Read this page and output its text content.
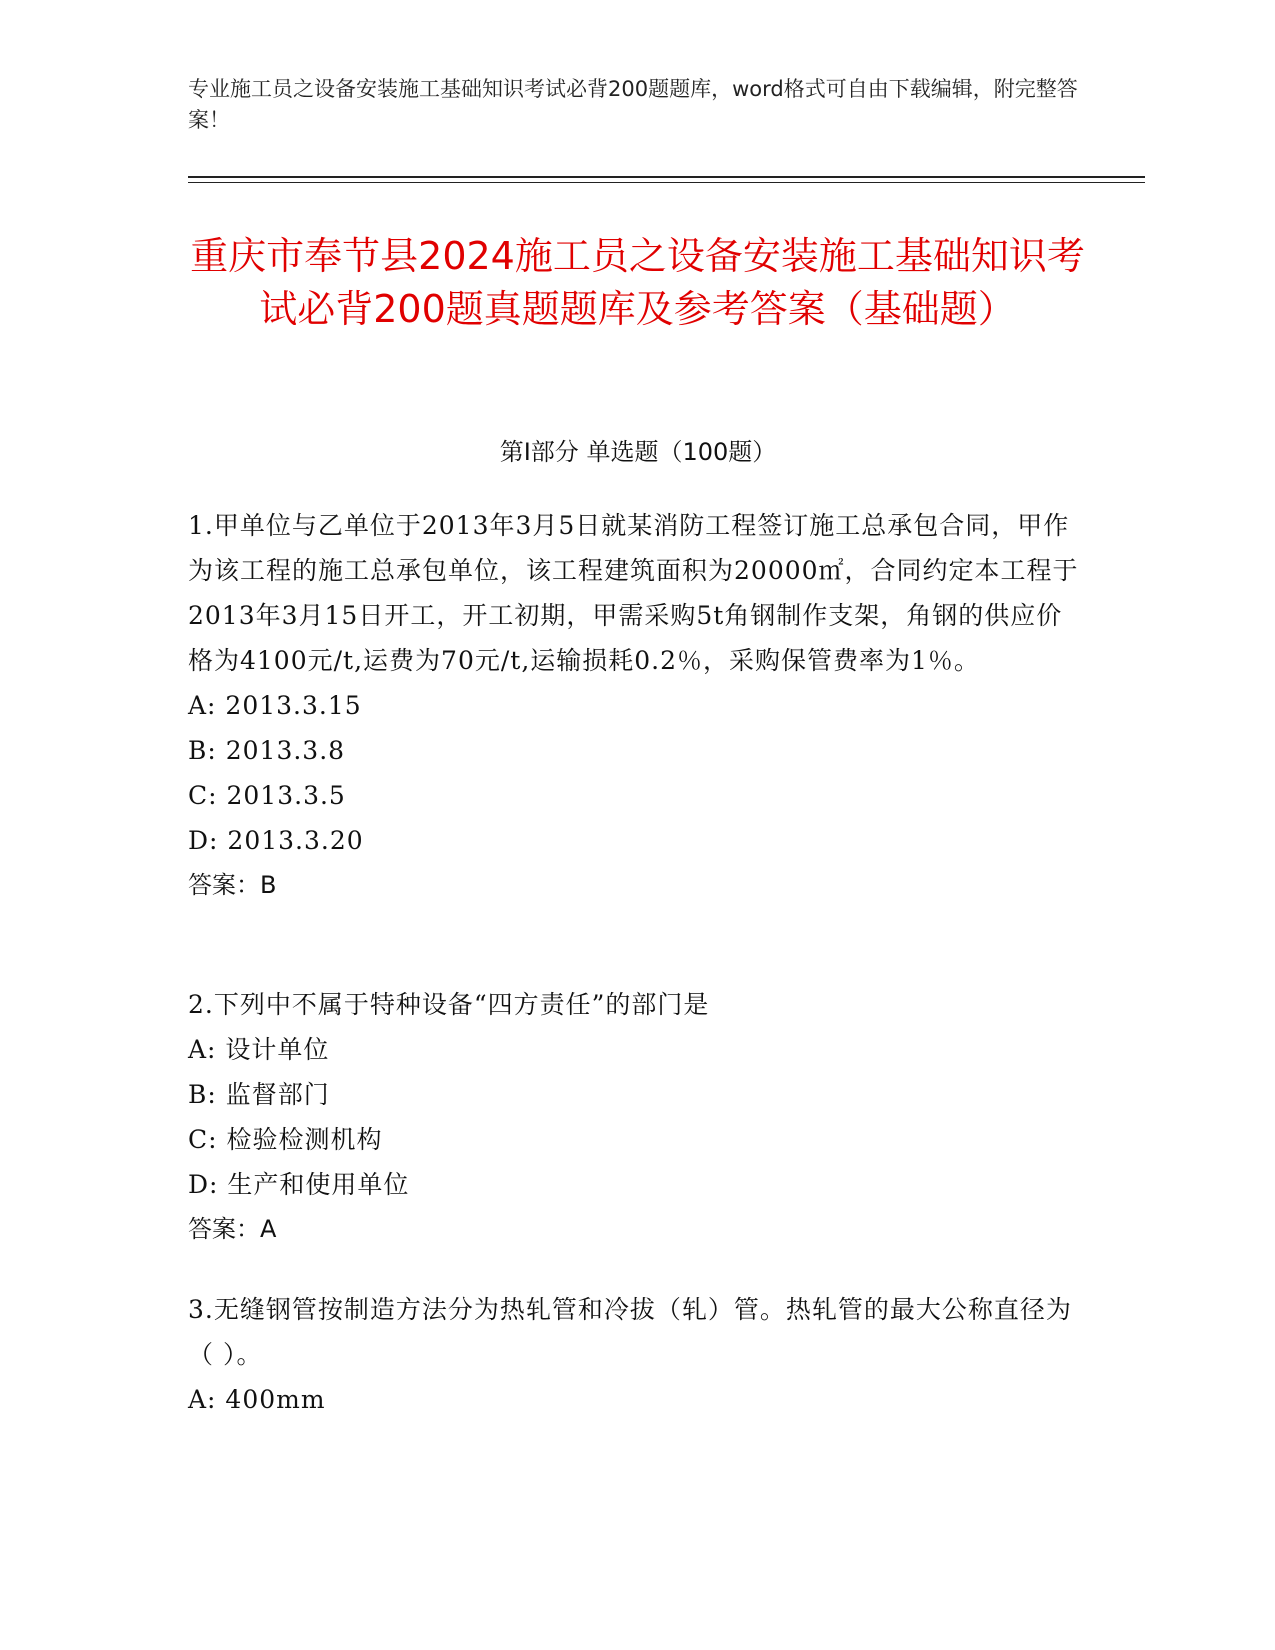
专业施工员之设备安装施工基础知识考试必背200题题库，word格式可自由下载编辑，附完整答案！
重庆市奉节县2024施工员之设备安装施工基础知识考试必背200题真题题库及参考答案（基础题）
第I部分 单选题（100题）

1.甲单位与乙单位于2013年3月5日就某消防工程签订施工总承包合同，甲作为该工程的施工总承包单位，该工程建筑面积为20000㎡，合同约定本工程于2013年3月15日开工，开工初期，甲需采购5t角钢制作支架，角钢的供应价格为4100元/t,运费为70元/t,运输损耗0.2％，采购保管费率为1％。

A: 2013.3.15

B: 2013.3.8

C: 2013.3.5

D: 2013.3.20

答案：B

2.下列中不属于特种设备“四方责任”的部门是

A: 设计单位

B: 监督部门

C: 检验检测机构

D: 生产和使用单位

答案：A

3.无缝钢管按制造方法分为热轧管和冷拔（轧）管。热轧管的最大公称直径为（ ）。

A: 400mm
